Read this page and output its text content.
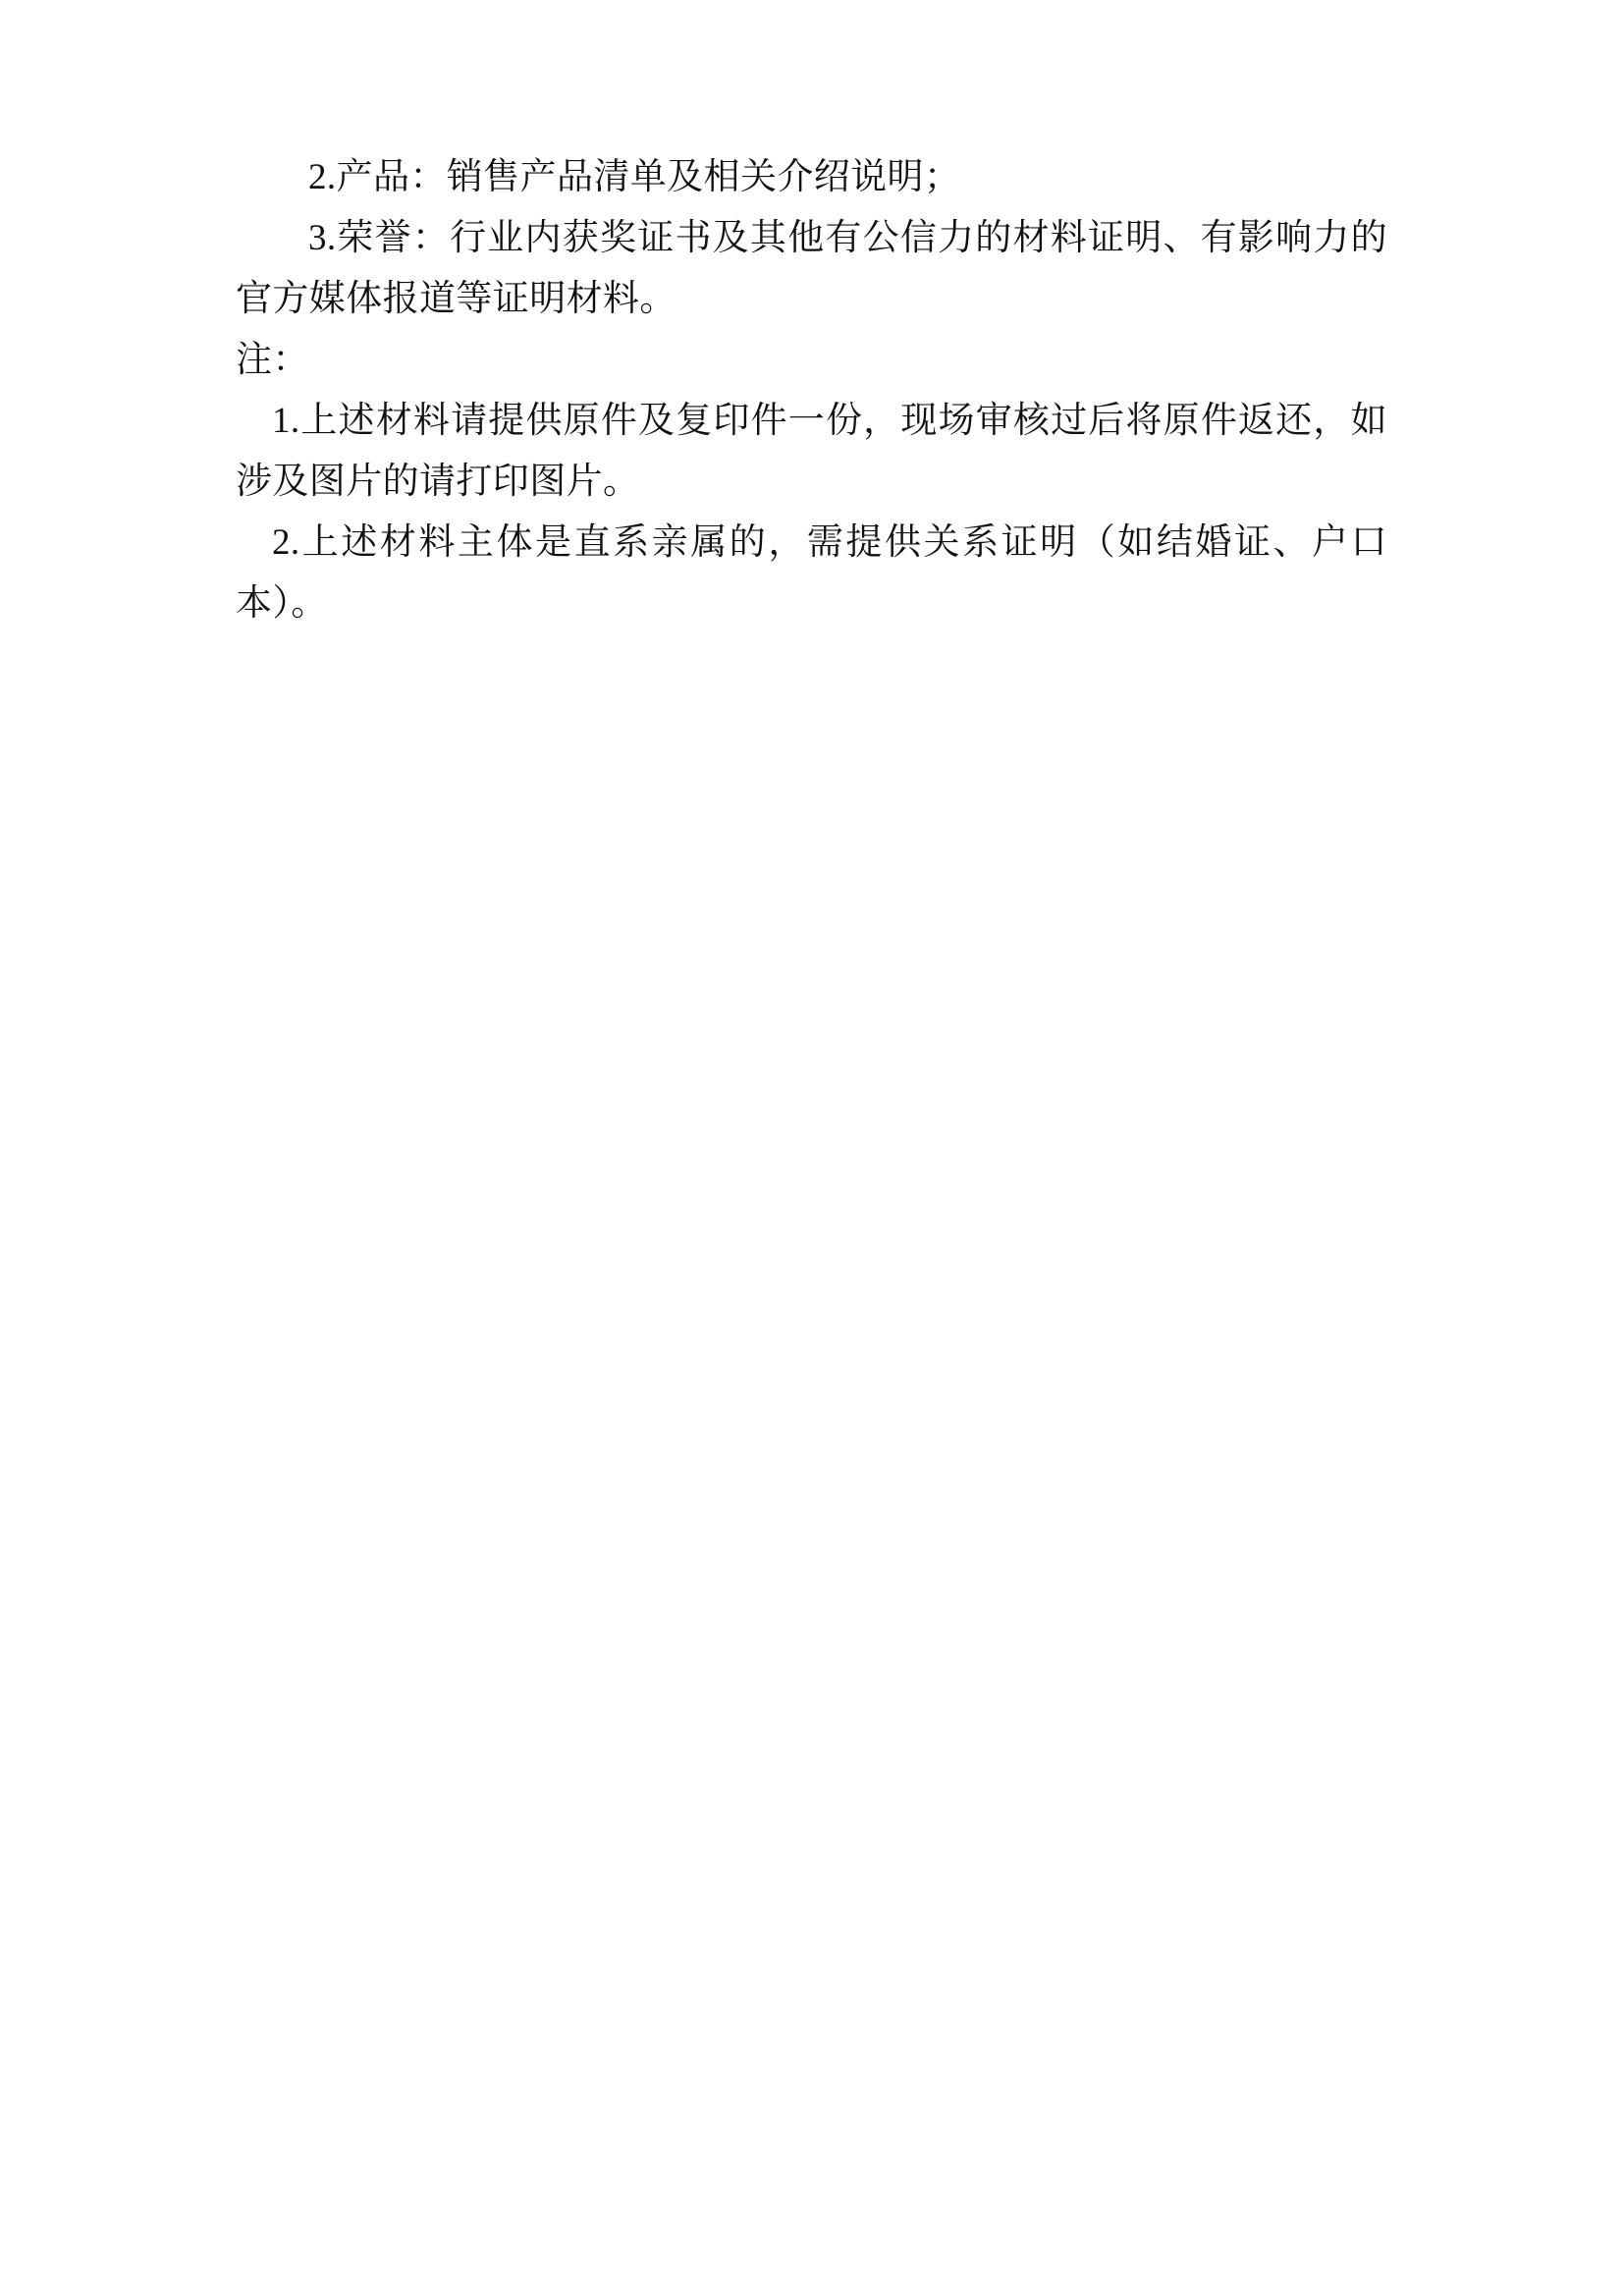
2.产品：销售产品清单及相关介绍说明；

3.荣誉：行业内获奖证书及其他有公信力的材料证明、有影响力的官方媒体报道等证明材料。

注：

1.上述材料请提供原件及复印件一份，现场审核过后将原件返还，如涉及图片的请打印图片。

2.上述材料主体是直系亲属的，需提供关系证明（如结婚证、户口本）。
